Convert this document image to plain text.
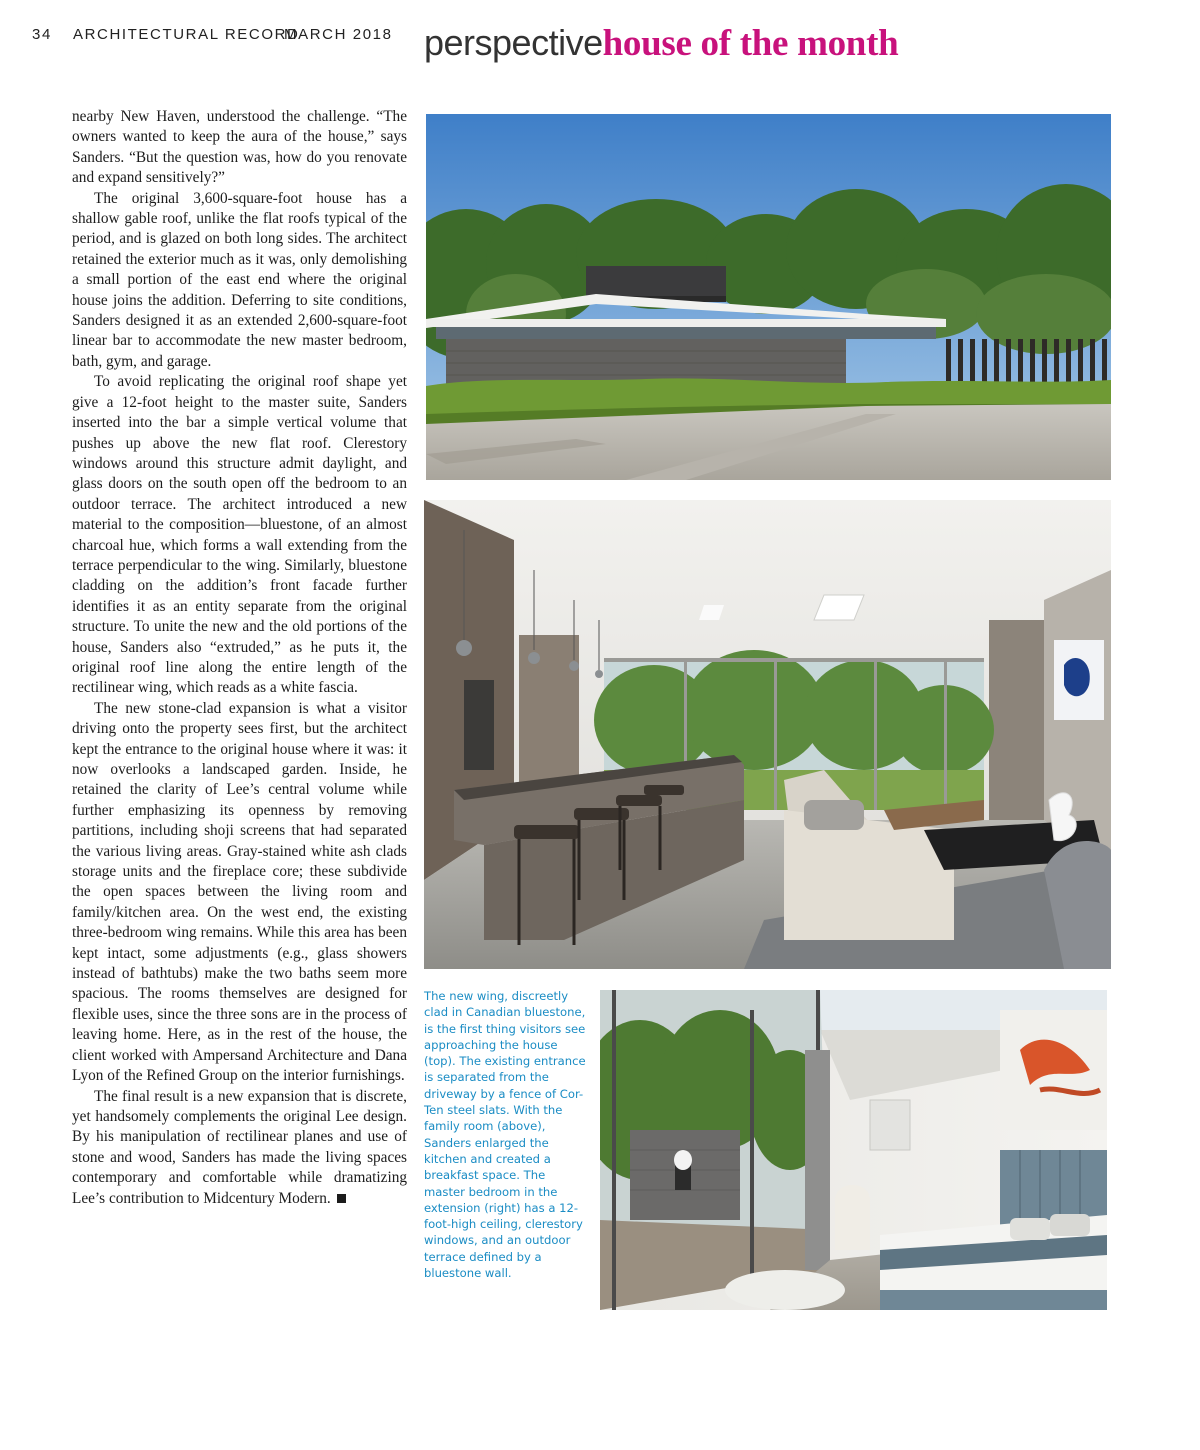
34 ARCHITECTURAL RECORD
MARCH 2018 perspectivehouse of the month

nearby New Haven, understood the challenge. “The owners wanted to keep the aura of the house,” says Sanders. “But the question was, how do you renovate and expand sensitively?”

The original 3,600-square-foot house has a shallow gable roof, unlike the flat roofs typical of the period, and is glazed on both long sides. The architect retained the exterior much as it was, only demolishing a small portion of the east end where the original house joins the addition. Deferring to site conditions, Sanders designed it as an extended 2,600-square-foot linear bar to accommodate the new master bedroom, bath, gym, and garage.

To avoid replicating the original roof shape yet give a 12-foot height to the master suite, Sanders inserted into the bar a simple vertical volume that pushes up above the new flat roof. Clerestory windows around this structure admit daylight, and glass doors on the south open off the bedroom to an outdoor terrace. The architect introduced a new material to the composition—bluestone, of an almost charcoal hue, which forms a wall extending from the terrace perpendicular to the wing. Similarly, bluestone cladding on the addition’s front facade further identifies it as an entity separate from the original structure. To unite the new and the old portions of the house, Sanders also “extruded,” as he puts it, the original roof line along the entire length of the rectilinear wing, which reads as a white fascia.

The new stone-clad expansion is what a visitor driving onto the property sees first, but the architect kept the entrance to the original house where it was: it now overlooks a landscaped garden. Inside, he retained the clarity of Lee’s central volume while further emphasizing its openness by removing partitions, including shoji screens that had separated the various living areas. Gray-stained white ash clads storage units and the fireplace core; these subdivide the open spaces between the living room and family/kitchen area. On the west end, the existing three-bedroom wing remains. While this area has been kept intact, some adjustments (e.g., glass showers instead of bathtubs) make the two baths seem more spacious. The rooms themselves are designed for flexible uses, since the three sons are in the process of leaving home. Here, as in the rest of the house, the client worked with Ampersand Architecture and Dana Lyon of the Refined Group on the interior furnishings.

The final result is a new expansion that is discrete, yet handsomely complements the original Lee design. By his manipulation of rectilinear planes and use of stone and wood, Sanders has made the living spaces contemporary and comfortable while dramatizing Lee’s contribution to Midcentury Modern.

The new wing, discreetly clad in Canadian bluestone, is the first thing visitors see approaching the house (top). The existing entrance is separated from the driveway by a fence of Cor-Ten steel slats. With the family room (above), Sanders enlarged the kitchen and created a breakfast space. The master bedroom in the extension (right) has a 12-foot-high ceiling, clerestory windows, and an outdoor terrace defined by a bluestone wall.
